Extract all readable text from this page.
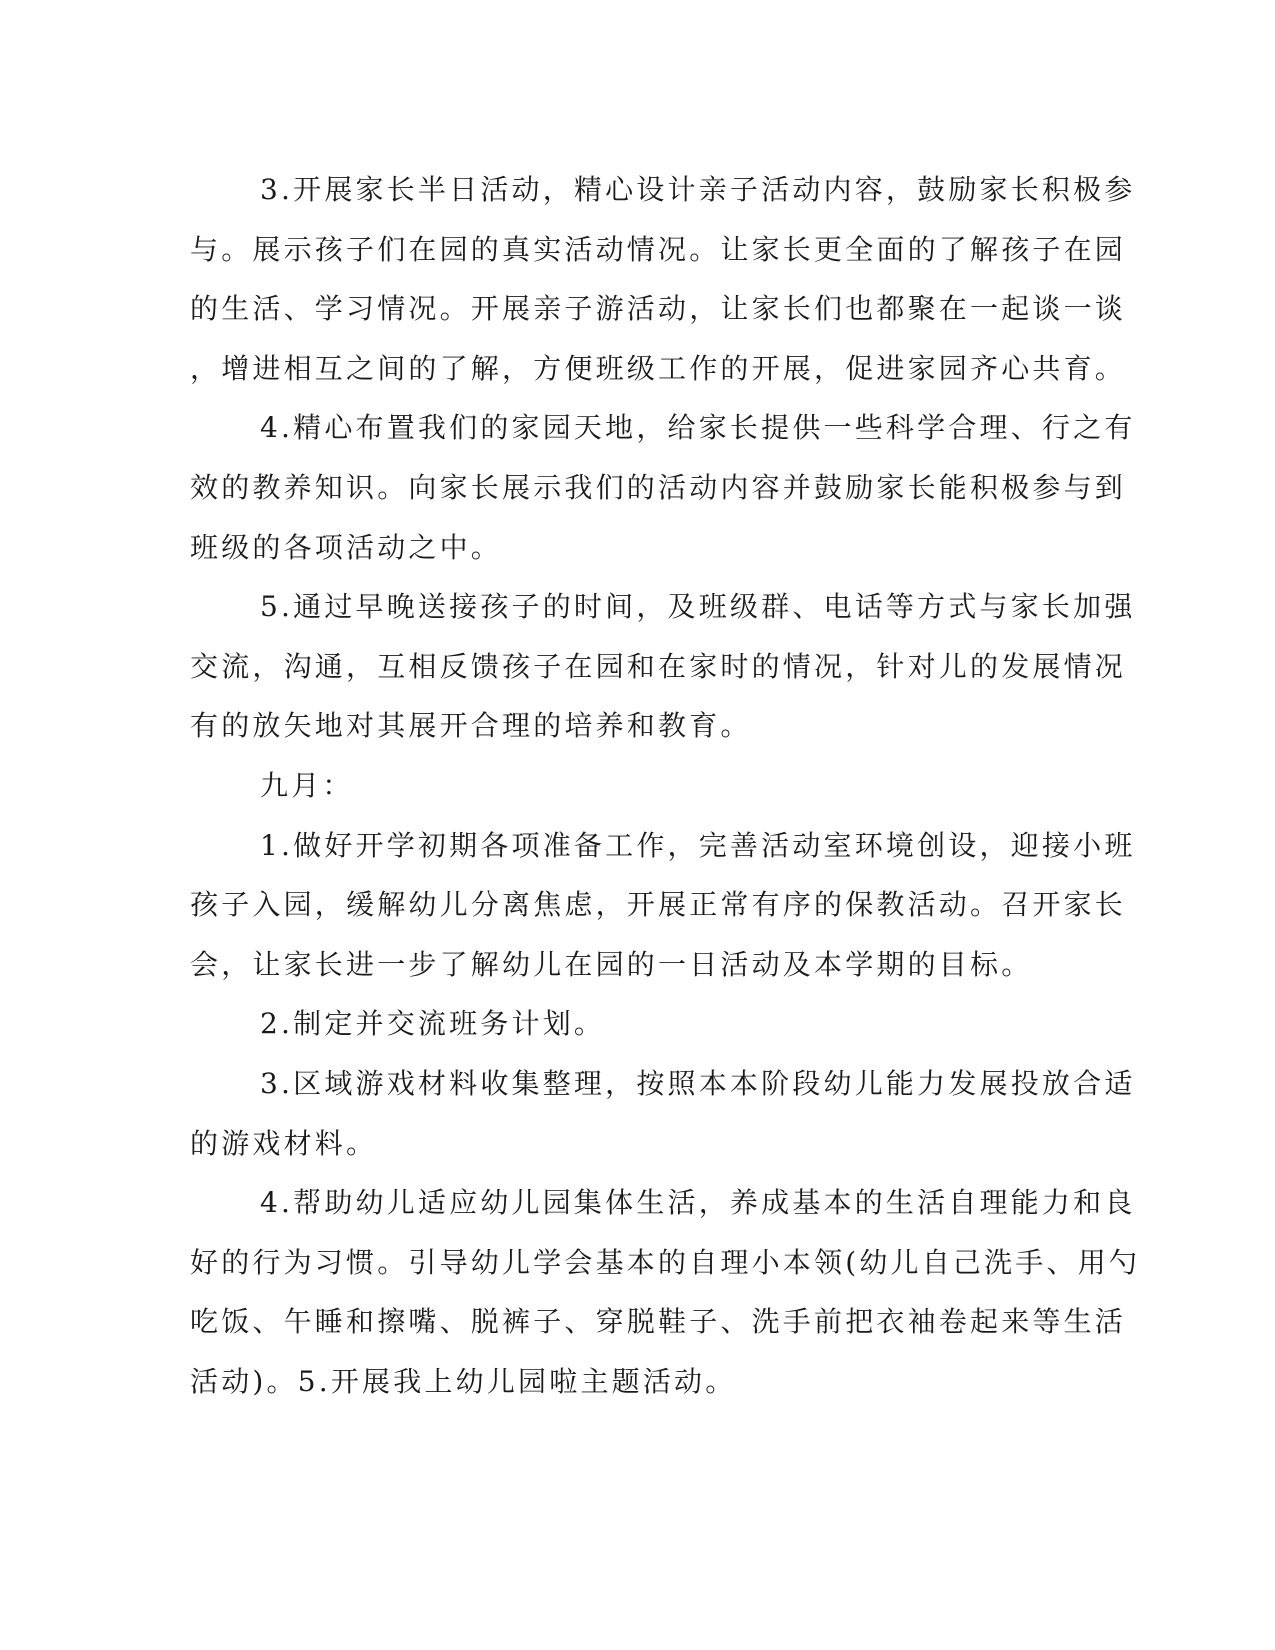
3.开展家长半日活动，精心设计亲子活动内容，鼓励家长积极参
与。展示孩子们在园的真实活动情况。让家长更全面的了解孩子在园
的生活、学习情况。开展亲子游活动，让家长们也都聚在一起谈一谈
，增进相互之间的了解，方便班级工作的开展，促进家园齐心共育。
4.精心布置我们的家园天地，给家长提供一些科学合理、行之有
效的教养知识。向家长展示我们的活动内容并鼓励家长能积极参与到
班级的各项活动之中。
5.通过早晚送接孩子的时间，及班级群、电话等方式与家长加强
交流，沟通，互相反馈孩子在园和在家时的情况，针对儿的发展情况
有的放矢地对其展开合理的培养和教育。
九月：
1.做好开学初期各项准备工作，完善活动室环境创设，迎接小班
孩子入园，缓解幼儿分离焦虑，开展正常有序的保教活动。召开家长
会，让家长进一步了解幼儿在园的一日活动及本学期的目标。
2.制定并交流班务计划。
3.区域游戏材料收集整理，按照本本阶段幼儿能力发展投放合适
的游戏材料。
4.帮助幼儿适应幼儿园集体生活，养成基本的生活自理能力和良
好的行为习惯。引导幼儿学会基本的自理小本领(幼儿自己洗手、用勺
吃饭、午睡和擦嘴、脱裤子、穿脱鞋子、洗手前把衣袖卷起来等生活
活动)。5.开展我上幼儿园啦主题活动。
